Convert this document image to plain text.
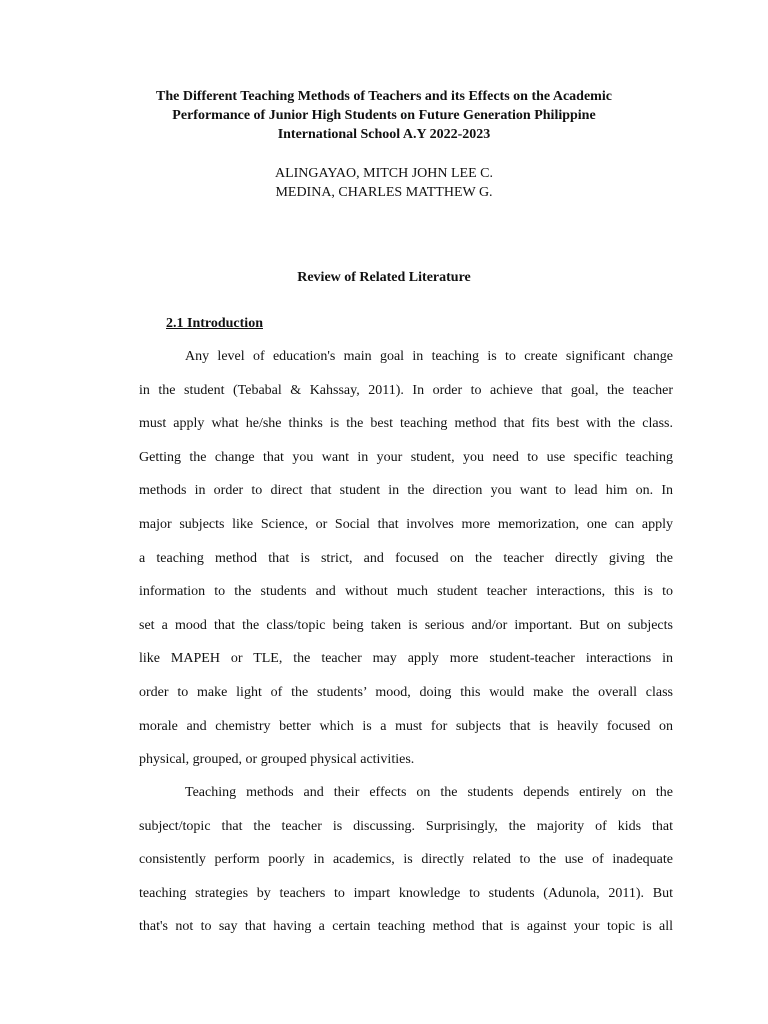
The Different Teaching Methods of Teachers and its Effects on the Academic
Performance of Junior High Students on Future Generation Philippine
International School A.Y 2022-2023
ALINGAYAO, MITCH JOHN LEE C.
MEDINA, CHARLES MATTHEW G.
Review of Related Literature
2.1 Introduction
Any level of education's main goal in teaching is to create significant change
in the student (Tebabal & Kahssay, 2011). In order to achieve that goal, the teacher
must apply what he/she thinks is the best teaching method that fits best with the class.
Getting the change that you want in your student, you need to use specific teaching
methods in order to direct that student in the direction you want to lead him on. In
major subjects like Science, or Social that involves more memorization, one can apply
a teaching method that is strict, and focused on the teacher directly giving the
information to the students and without much student teacher interactions, this is to
set a mood that the class/topic being taken is serious and/or important. But on subjects
like MAPEH or TLE, the teacher may apply more student-teacher interactions in
order to make light of the students’ mood, doing this would make the overall class
morale and chemistry better which is a must for subjects that is heavily focused on
physical, grouped, or grouped physical activities.
Teaching methods and their effects on the students depends entirely on the
subject/topic that the teacher is discussing. Surprisingly, the majority of kids that
consistently perform poorly in academics, is directly related to the use of inadequate
teaching strategies by teachers to impart knowledge to students (Adunola, 2011). But
that's not to say that having a certain teaching method that is against your topic is all
